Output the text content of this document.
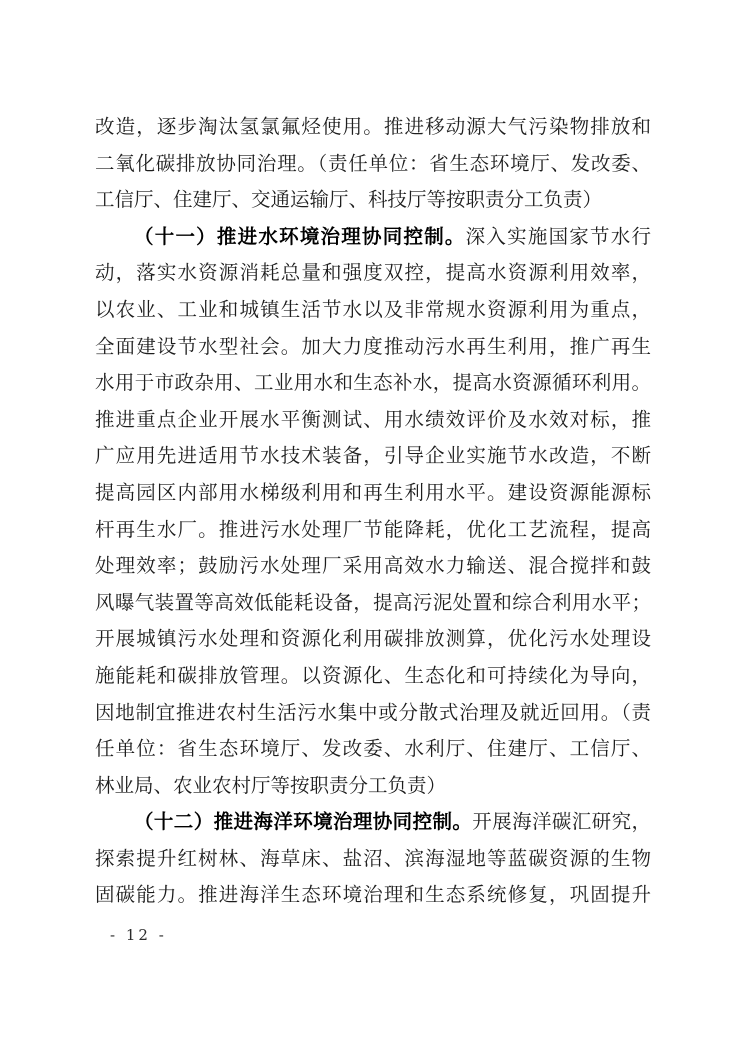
改造，逐步淘汰氢氯氟烃使用。推进移动源大气污染物排放和
二氧化碳排放协同治理。（责任单位：省生态环境厅、发改委、
工信厅、住建厅、交通运输厅、科技厅等按职责分工负责）
（十一）推进水环境治理协同控制。深入实施国家节水行
动，落实水资源消耗总量和强度双控，提高水资源利用效率，
以农业、工业和城镇生活节水以及非常规水资源利用为重点，
全面建设节水型社会。加大力度推动污水再生利用，推广再生
水用于市政杂用、工业用水和生态补水，提高水资源循环利用。
推进重点企业开展水平衡测试、用水绩效评价及水效对标，推
广应用先进适用节水技术装备，引导企业实施节水改造，不断
提高园区内部用水梯级利用和再生利用水平。建设资源能源标
杆再生水厂。推进污水处理厂节能降耗，优化工艺流程，提高
处理效率；鼓励污水处理厂采用高效水力输送、混合搅拌和鼓
风曝气装置等高效低能耗设备，提高污泥处置和综合利用水平；
开展城镇污水处理和资源化利用碳排放测算，优化污水处理设
施能耗和碳排放管理。以资源化、生态化和可持续化为导向，
因地制宜推进农村生活污水集中或分散式治理及就近回用。（责
任单位：省生态环境厅、发改委、水利厅、住建厅、工信厅、
林业局、农业农村厅等按职责分工负责）
（十二）推进海洋环境治理协同控制。开展海洋碳汇研究，
探索提升红树林、海草床、盐沼、滨海湿地等蓝碳资源的生物
固碳能力。推进海洋生态环境治理和生态系统修复，巩固提升
- 12 -
